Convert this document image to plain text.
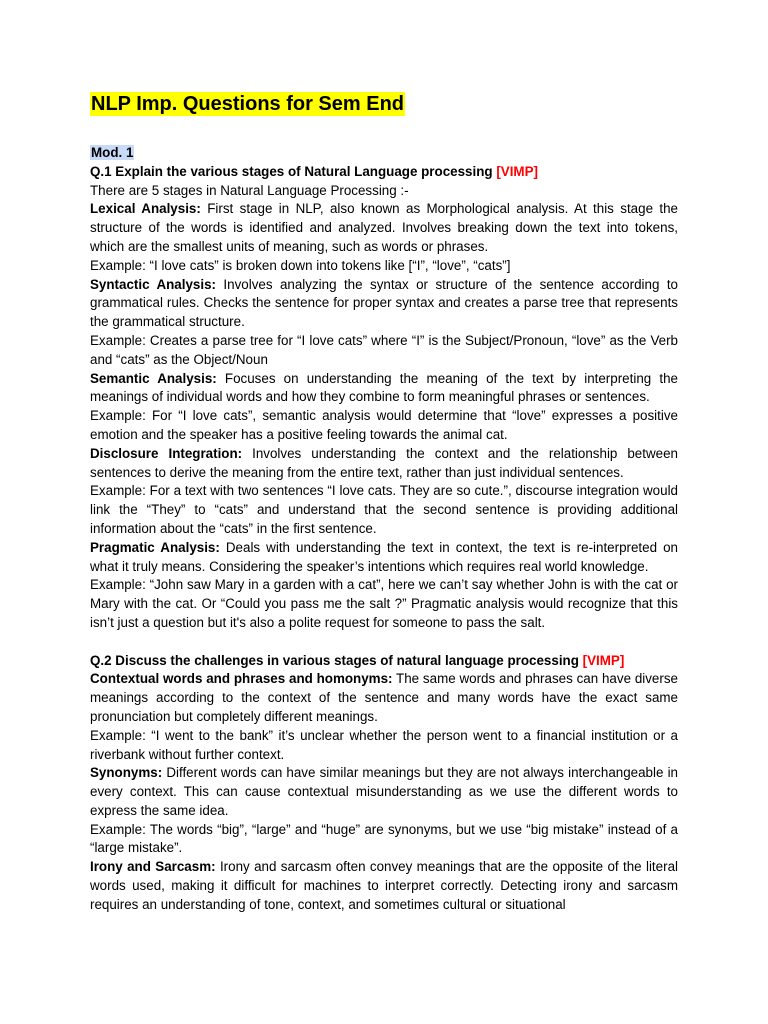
NLP Imp. Questions for Sem End

Mod. 1

Q.1 Explain the various stages of Natural Language processing [VIMP]

There are 5 stages in Natural Language Processing :-

Lexical Analysis: First stage in NLP, also known as Morphological analysis. At this stage the structure of the words is identified and analyzed. Involves breaking down the text into tokens, which are the smallest units of meaning, such as words or phrases.

Example: “I love cats” is broken down into tokens like [“I”, “love”, “cats”]

Syntactic Analysis: Involves analyzing the syntax or structure of the sentence according to grammatical rules. Checks the sentence for proper syntax and creates a parse tree that represents the grammatical structure.

Example: Creates a parse tree for “I love cats” where “I” is the Subject/Pronoun, “love” as the Verb and “cats” as the Object/Noun

Semantic Analysis: Focuses on understanding the meaning of the text by interpreting the meanings of individual words and how they combine to form meaningful phrases or sentences.

Example: For “I love cats”, semantic analysis would determine that “love” expresses a positive emotion and the speaker has a positive feeling towards the animal cat.

Disclosure Integration: Involves understanding the context and the relationship between sentences to derive the meaning from the entire text, rather than just individual sentences.

Example: For a text with two sentences “I love cats. They are so cute.”, discourse integration would link the “They” to “cats” and understand that the second sentence is providing additional information about the “cats” in the first sentence.

Pragmatic Analysis: Deals with understanding the text in context, the text is re-interpreted on what it truly means. Considering the speaker’s intentions which requires real world knowledge.

Example: “John saw Mary in a garden with a cat”, here we can’t say whether John is with the cat or Mary with the cat. Or “Could you pass me the salt ?” Pragmatic analysis would recognize that this isn’t just a question but it's also a polite request for someone to pass the salt.

Q.2 Discuss the challenges in various stages of natural language processing [VIMP]

Contextual words and phrases and homonyms: The same words and phrases can have diverse meanings according to the context of the sentence and many words have the exact same pronunciation but completely different meanings.

Example: “I went to the bank” it’s unclear whether the person went to a financial institution or a riverbank without further context.

Synonyms: Different words can have similar meanings but they are not always interchangeable in every context. This can cause contextual misunderstanding as we use the different words to express the same idea.

Example: The words “big”, “large” and “huge” are synonyms, but we use “big mistake” instead of a “large mistake”.

Irony and Sarcasm: Irony and sarcasm often convey meanings that are the opposite of the literal words used, making it difficult for machines to interpret correctly. Detecting irony and sarcasm requires an understanding of tone, context, and sometimes cultural or situational
